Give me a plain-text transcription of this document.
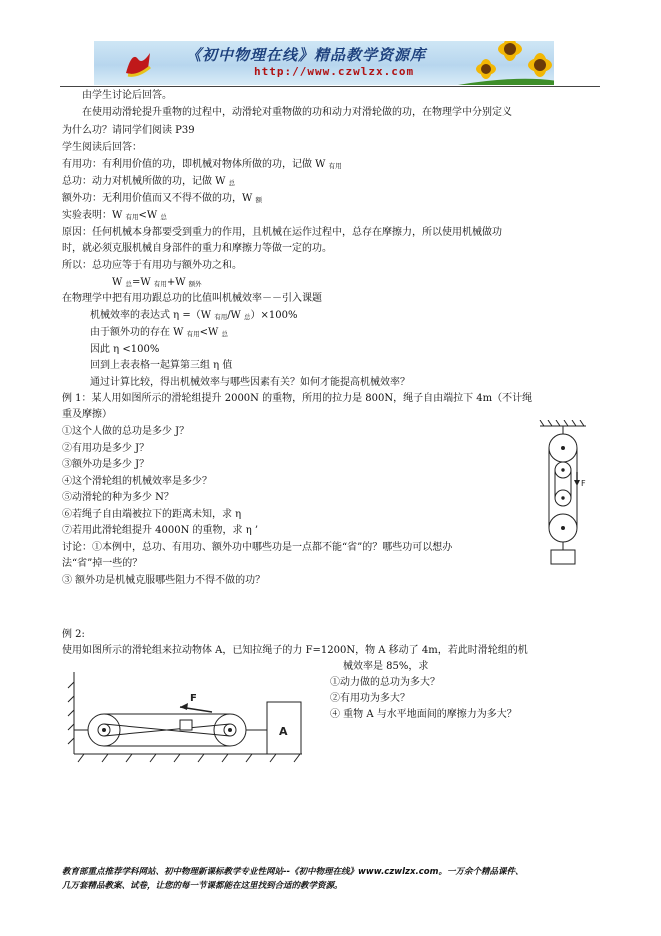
《初中物理在线》精品教学资源库
http://www.czwlzx.com
由学生讨论后回答。
在使用动滑轮提升重物的过程中，动滑轮对重物做的功和动力对滑轮做的功，在物理学中分别定义
为什么功？请同学们阅读 P39
学生阅读后回答：
有用功：有利用价值的功，即机械对物体所做的功，记做 W 有用
总功：动力对机械所做的功，记做 W 总
额外功：无利用价值而又不得不做的功，W 额
实验表明：W 有用<W 总
原因：任何机械本身都要受到重力的作用，且机械在运作过程中，总存在摩擦力，所以使用机械做功
时，就必须克服机械自身部件的重力和摩擦力等做一定的功。
所以：总功应等于有用功与额外功之和。
W 总=W 有用+W 额外
在物理学中把有用功跟总功的比值叫机械效率－－引入课题
机械效率的表达式 η =（W 有用/W 总）×100%
由于额外功的存在 W 有用<W 总
因此 η <100%
回到上表表格一起算第三组 η 值
通过计算比较，得出机械效率与哪些因素有关？如何才能提高机械效率？
例 1：某人用如图所示的滑轮组提升 2000N 的重物，所用的拉力是 800N，绳子自由端拉下 4m（不计绳
重及摩擦）
①这个人做的总功是多少 J？
②有用功是多少 J？
③额外功是多少 J？
④这个滑轮组的机械效率是多少？
⑤动滑轮的种为多少 N？
⑥若绳子自由端被拉下的距离未知，求 η
⑦若用此滑轮组提升 4000N 的重物，求 η ’
讨论：①本例中，总功、有用功、额外功中哪些功是一点都不能“省”的？哪些功可以想办
法“省”掉一些的？
③ 额外功是机械克服哪些阻力不得不做的功？
F
例 2:
使用如图所示的滑轮组来拉动物体 A，已知拉绳子的力 F=1200N，物 A 移动了 4m，若此时滑轮组的机
械效率是 85%，求
①动力做的总功为多大？
②有用功为多大？
④ 重物 A 与水平地面间的摩擦力为多大？
F
A
教育部重点推荐学科网站、初中物理新课标教学专业性网站--《初中物理在线》www.czwlzx.com。一万余个精品课件、
几万套精品教案、试卷，让您的每一节课都能在这里找到合适的教学资源。
